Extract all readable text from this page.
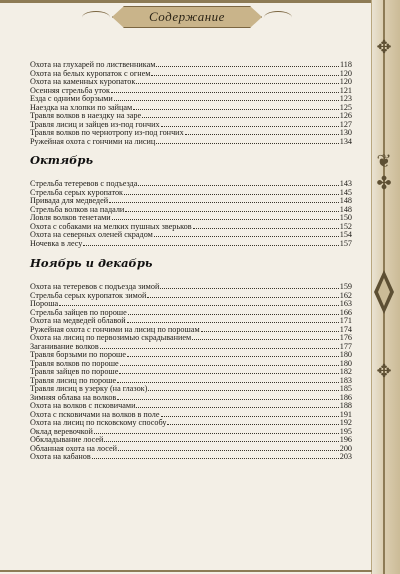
Содержание
✥
❦
✤
✥
Охота на глухарей по лиственникам	118
Охота на белых куропаток с огнем	120
Охота на каменных куропаток	120
Осенняя стрельба уток	121
Езда с одними борзыми	123
Наездка на хлопки по зайцам	125
Травля волков в наездку на заре	126
Травля лисиц и зайцев из-под гончих	127
Травля волков по чернотропу из-под гончих	130
Ружейная охота с гончими на лисиц	134
Октябрь
Стрельба тетеревов с подъезда	143
Стрельба серых куропаток	145
Привада для медведей	148
Стрельба волков на падали	148
Ловля волков тенетами	150
Охота с собаками на мелких пушных зверьков	152
Охота на северных оленей скрадом	154
Ночевка в лесу	157
Ноябрь и декабрь
Охота на тетеревов с подъезда зимой	159
Стрельба серых куропаток зимой	162
Пороша	163
Стрельба зайцев по пороше	166
Охота на медведей облавой	171
Ружейная охота с гончими на лисиц по порошам	174
Охота на лисиц по первозимью скрадыванием	176
Заганивание волков	177
Травля борзыми по пороше	180
Травля волков по пороше	180
Травля зайцев по пороше	182
Травля лисиц по пороше	183
Травля лисиц в узерку (на глазок)	185
Зимняя облава на волков	186
Охота на волков с псковичами	188
Охота с псковичами на волков в поле	191
Охота на лисиц по псковскому способу	192
Оклад веревочкой	195
Обкладывание лосей	196
Обланная охота на лосей	200
Охота на кабанов	203
